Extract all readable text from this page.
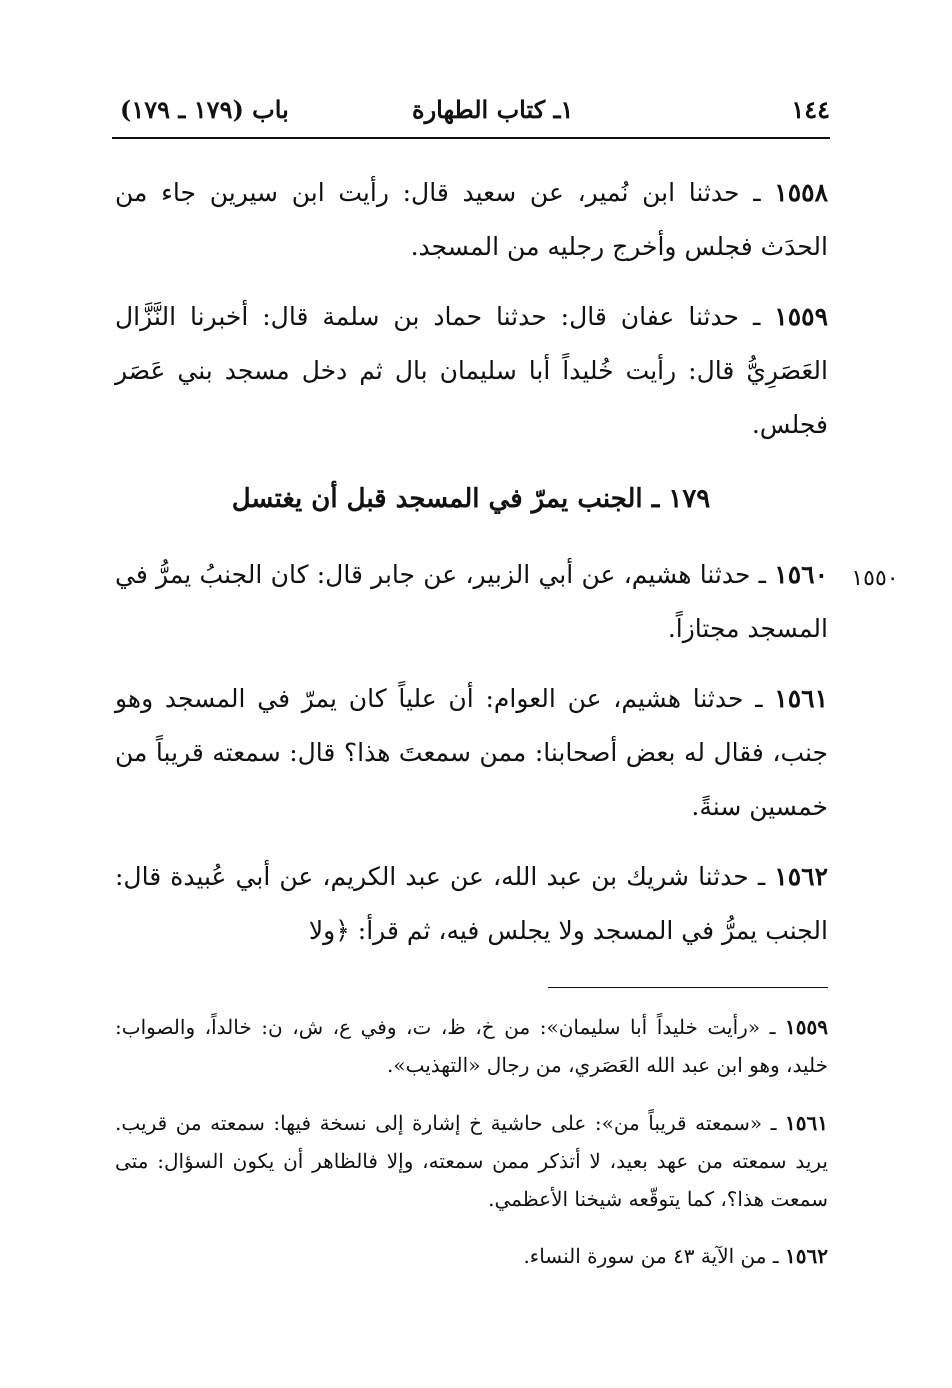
١٤٤
١ـ كتاب الطهارة
باب (١٧٩ ـ ١٧٩)

١٥٥٨ ـ حدثنا ابن نُمير، عن سعيد قال: رأيت ابن سيرين جاء من الحدَث فجلس وأخرج رجليه من المسجد.

١٥٥٩ ـ حدثنا عفان قال: حدثنا حماد بن سلمة قال: أخبرنا النَّزَّال العَصَرِيُّ قال: رأيت خُليداً أبا سليمان بال ثم دخل مسجد بني عَصَر فجلس.

١٧٩ ـ الجنب يمرّ في المسجد قبل أن يغتسل
١٥٥٠

١٥٦٠ ـ حدثنا هشيم، عن أبي الزبير، عن جابر قال: كان الجنبُ يمرُّ في المسجد مجتازاً.

١٥٦١ ـ حدثنا هشيم، عن العوام: أن علياً كان يمرّ في المسجد وهو جنب، فقال له بعض أصحابنا: ممن سمعتَ هذا؟ قال: سمعته قريباً من خمسين سنةً.

١٥٦٢ ـ حدثنا شريك بن عبد الله، عن عبد الكريم، عن أبي عُبيدة قال: الجنب يمرُّ في المسجد ولا يجلس فيه، ثم قرأ: ﴿ولا

١٥٥٩ ـ «رأيت خليداً أبا سليمان»: من خ، ظ، ت، وفي ع، ش، ن: خالداً، والصواب: خليد، وهو ابن عبد الله العَصَري، من رجال «التهذيب».

١٥٦١ ـ «سمعته قريباً من»: على حاشية خ إشارة إلى نسخة فيها: سمعته من قريب. يريد سمعته من عهد بعيد، لا أتذكر ممن سمعته، وإلا فالظاهر أن يكون السؤال: متى سمعت هذا؟، كما يتوقّعه شيخنا الأعظمي.

١٥٦٢ ـ من الآية ٤٣ من سورة النساء.
